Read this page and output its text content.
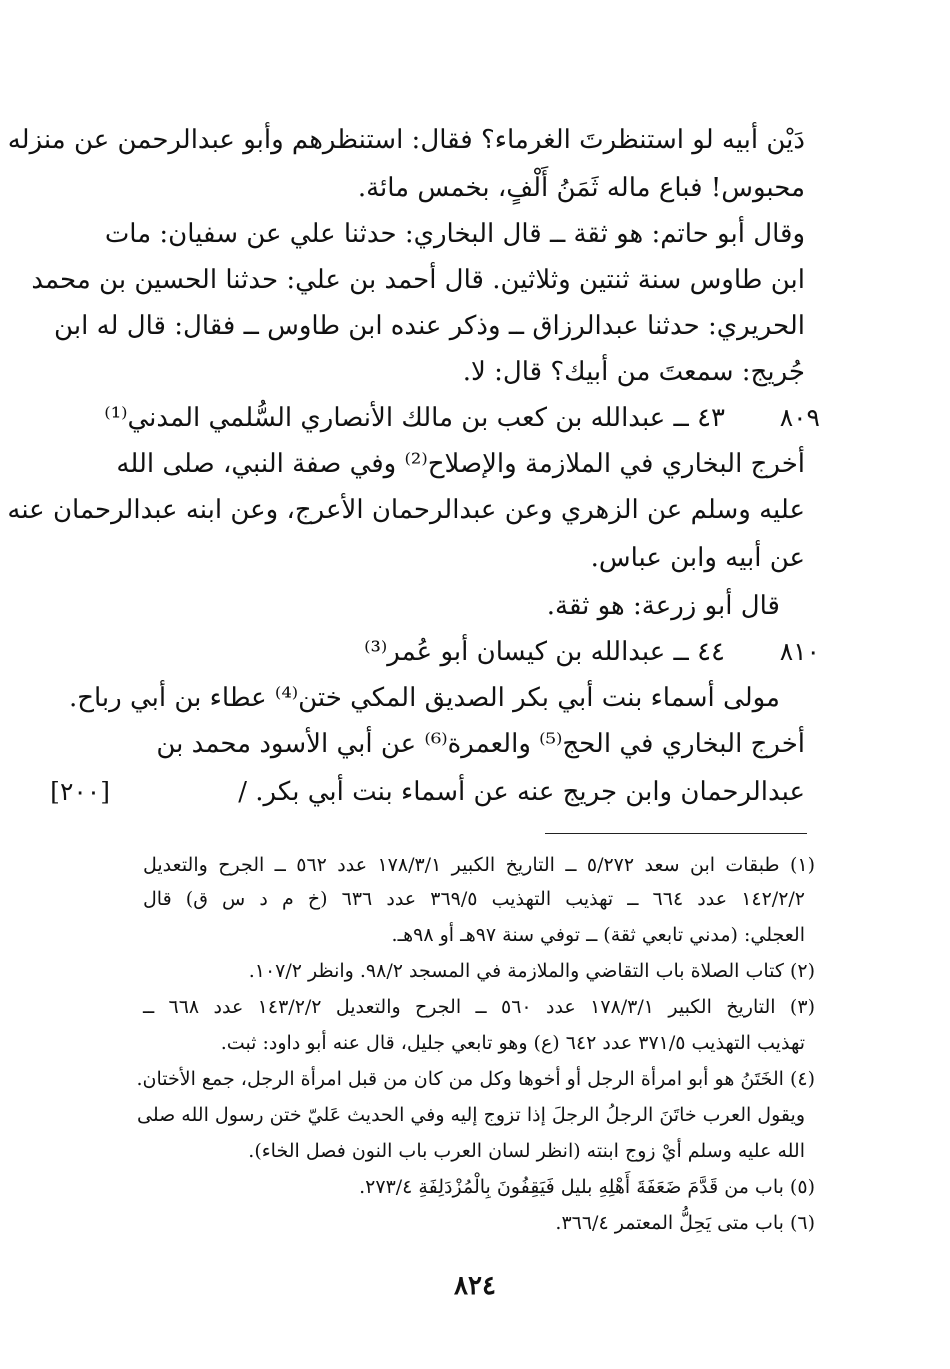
دَيْن أبيه لو استنظرتَ الغرماء؟ فقال: استنظرهم وأبو عبدالرحمن عن منزله
محبوس! فباع ماله ثَمَنُ أَلْفٍ، بخمس مائة.
وقال أبو حاتم: هو ثقة ــ قال البخاري: حدثنا علي عن سفيان: مات
ابن طاوس سنة ثنتين وثلاثين. قال أحمد بن علي: حدثنا الحسين بن محمد
الحريري: حدثنا عبدالرزاق ــ وذكر عنده ابن طاوس ــ فقال: قال له ابن
جُريج: سمعتَ من أبيك؟ قال: لا.
٨٠٩
٤٣ ــ عبدالله بن كعب بن مالك الأنصاري السُّلمي المدني⁽¹⁾
أخرج البخاري في الملازمة والإصلاح⁽²⁾ وفي صفة النبي، صلى الله
عليه وسلم عن الزهري وعن عبدالرحمان الأعرج، وعن ابنه عبدالرحمان عنه
عن أبيه وابن عباس.
قال أبو زرعة: هو ثقة.
٨١٠
٤٤ ــ عبدالله بن كيسان أبو عُمر⁽³⁾
مولى أسماء بنت أبي بكر الصديق المكي ختن⁽⁴⁾ عطاء بن أبي رباح.
أخرج البخاري في الحج⁽⁵⁾ والعمرة⁽⁶⁾ عن أبي الأسود محمد بن
عبدالرحمان وابن جريج عنه عن أسماء بنت أبي بكر. /
[٢٠٠]
(١) طبقات ابن سعد ٥/٢٧٢ ــ التاريخ الكبير ١٧٨/٣/١ عدد ٥٦٢ ــ الجرح والتعديل
١٤٢/٢/٢ عدد ٦٦٤ ــ تهذيب التهذيب ٣٦٩/٥ عدد ٦٣٦ (خ م د س ق) قال
العجلي: (مدني تابعي ثقة) ــ توفي سنة ٩٧هـ أو ٩٨هـ.
(٢) كتاب الصلاة باب التقاضي والملازمة في المسجد ٩٨/٢. وانظر ١٠٧/٢.
(٣) التاريخ الكبير ١٧٨/٣/١ عدد ٥٦٠ ــ الجرح والتعديل ١٤٣/٢/٢ عدد ٦٦٨ ــ
تهذيب التهذيب ٣٧١/٥ عدد ٦٤٢ (ع) وهو تابعي جليل، قال عنه أبو داود: ثبت.
(٤) الخَتَنُ هو أبو امرأة الرجل أو أخوها وكل من كان من قبل امرأة الرجل، جمع الأختان.
ويقول العرب خاتَنَ الرجلُ الرجلَ إذا تزوج إليه وفي الحديث عَليّ ختن رسول الله صلى
الله عليه وسلم أيْ زوج ابنته (انظر لسان العرب باب النون فصل الخاء).
(٥) باب من قَدَّمَ ضَعَفَةَ أَهْلِهِ بليل فَيَقِفُونَ بِالْمُزْدَلِفَةِ ٢٧٣/٤.
(٦) باب متى يَحِلُّ المعتمر ٣٦٦/٤.
٨٢٤
